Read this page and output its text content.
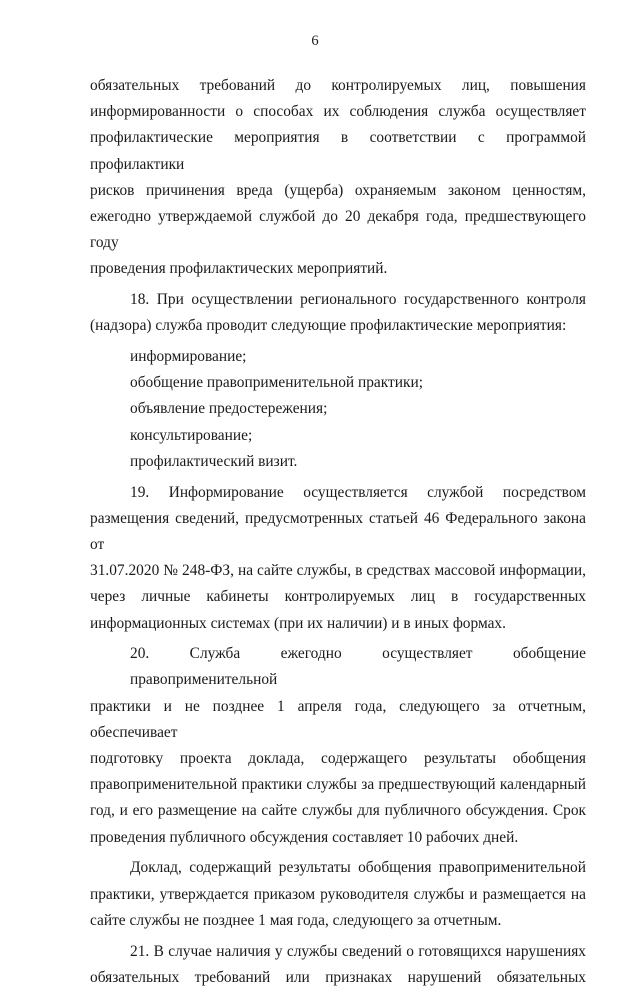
6
обязательных требований до контролируемых лиц, повышения
информированности о способах их соблюдения служба осуществляет
профилактические мероприятия в соответствии с программой профилактики
рисков причинения вреда (ущерба) охраняемым законом ценностям,
ежегодно утверждаемой службой до 20 декабря года, предшествующего году
проведения профилактических мероприятий.
18. При осуществлении регионального государственного контроля
(надзора) служба проводит следующие профилактические мероприятия:
информирование;
обобщение правоприменительной практики;
объявление предостережения;
консультирование;
профилактический визит.
19. Информирование осуществляется службой посредством
размещения сведений, предусмотренных статьей 46 Федерального закона от
31.07.2020 № 248-ФЗ, на сайте службы, в средствах массовой информации,
через личные кабинеты контролируемых лиц в государственных
информационных системах (при их наличии) и в иных формах.
20. Служба ежегодно осуществляет обобщение правоприменительной
практики и не позднее 1 апреля года, следующего за отчетным, обеспечивает
подготовку проекта доклада, содержащего результаты обобщения
правоприменительной практики службы за предшествующий календарный
год, и его размещение на сайте службы для публичного обсуждения. Срок
проведения публичного обсуждения составляет 10 рабочих дней.
Доклад, содержащий результаты обобщения правоприменительной
практики, утверждается приказом руководителя службы и размещается на
сайте службы не позднее 1 мая года, следующего за отчетным.
21. В случае наличия у службы сведений о готовящихся нарушениях
обязательных требований или признаках нарушений обязательных
